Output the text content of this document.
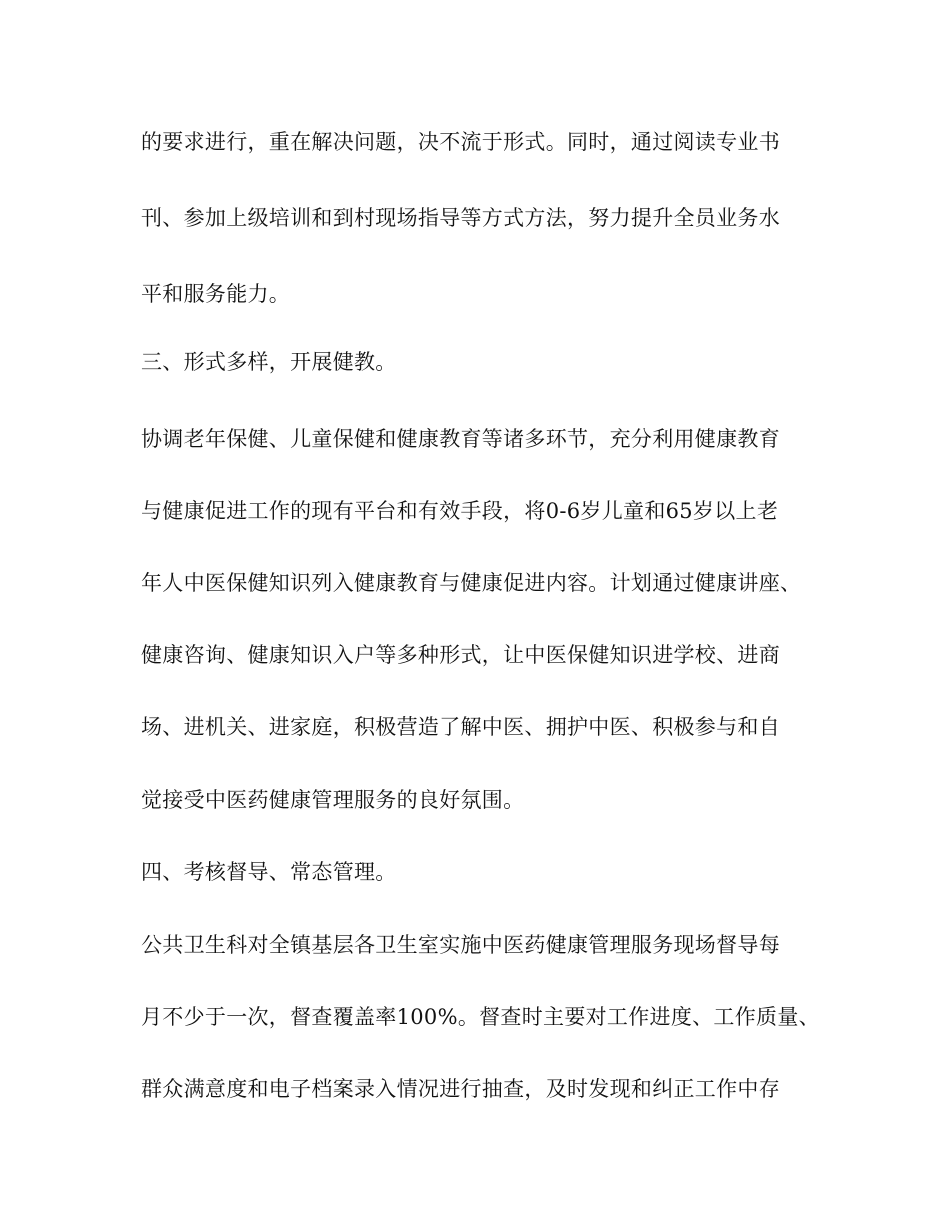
的要求进行，重在解决问题，决不流于形式。同时，通过阅读专业书
刊、参加上级培训和到村现场指导等方式方法，努力提升全员业务水
平和服务能力。
三、形式多样，开展健教。
协调老年保健、儿童保健和健康教育等诸多环节，充分利用健康教育
与健康促进工作的现有平台和有效手段，将0-6岁儿童和65岁以上老
年人中医保健知识列入健康教育与健康促进内容。计划通过健康讲座、
健康咨询、健康知识入户等多种形式，让中医保健知识进学校、进商
场、进机关、进家庭，积极营造了解中医、拥护中医、积极参与和自
觉接受中医药健康管理服务的良好氛围。
四、考核督导、常态管理。
公共卫生科对全镇基层各卫生室实施中医药健康管理服务现场督导每
月不少于一次，督查覆盖率100%。督查时主要对工作进度、工作质量、
群众满意度和电子档案录入情况进行抽查，及时发现和纠正工作中存
